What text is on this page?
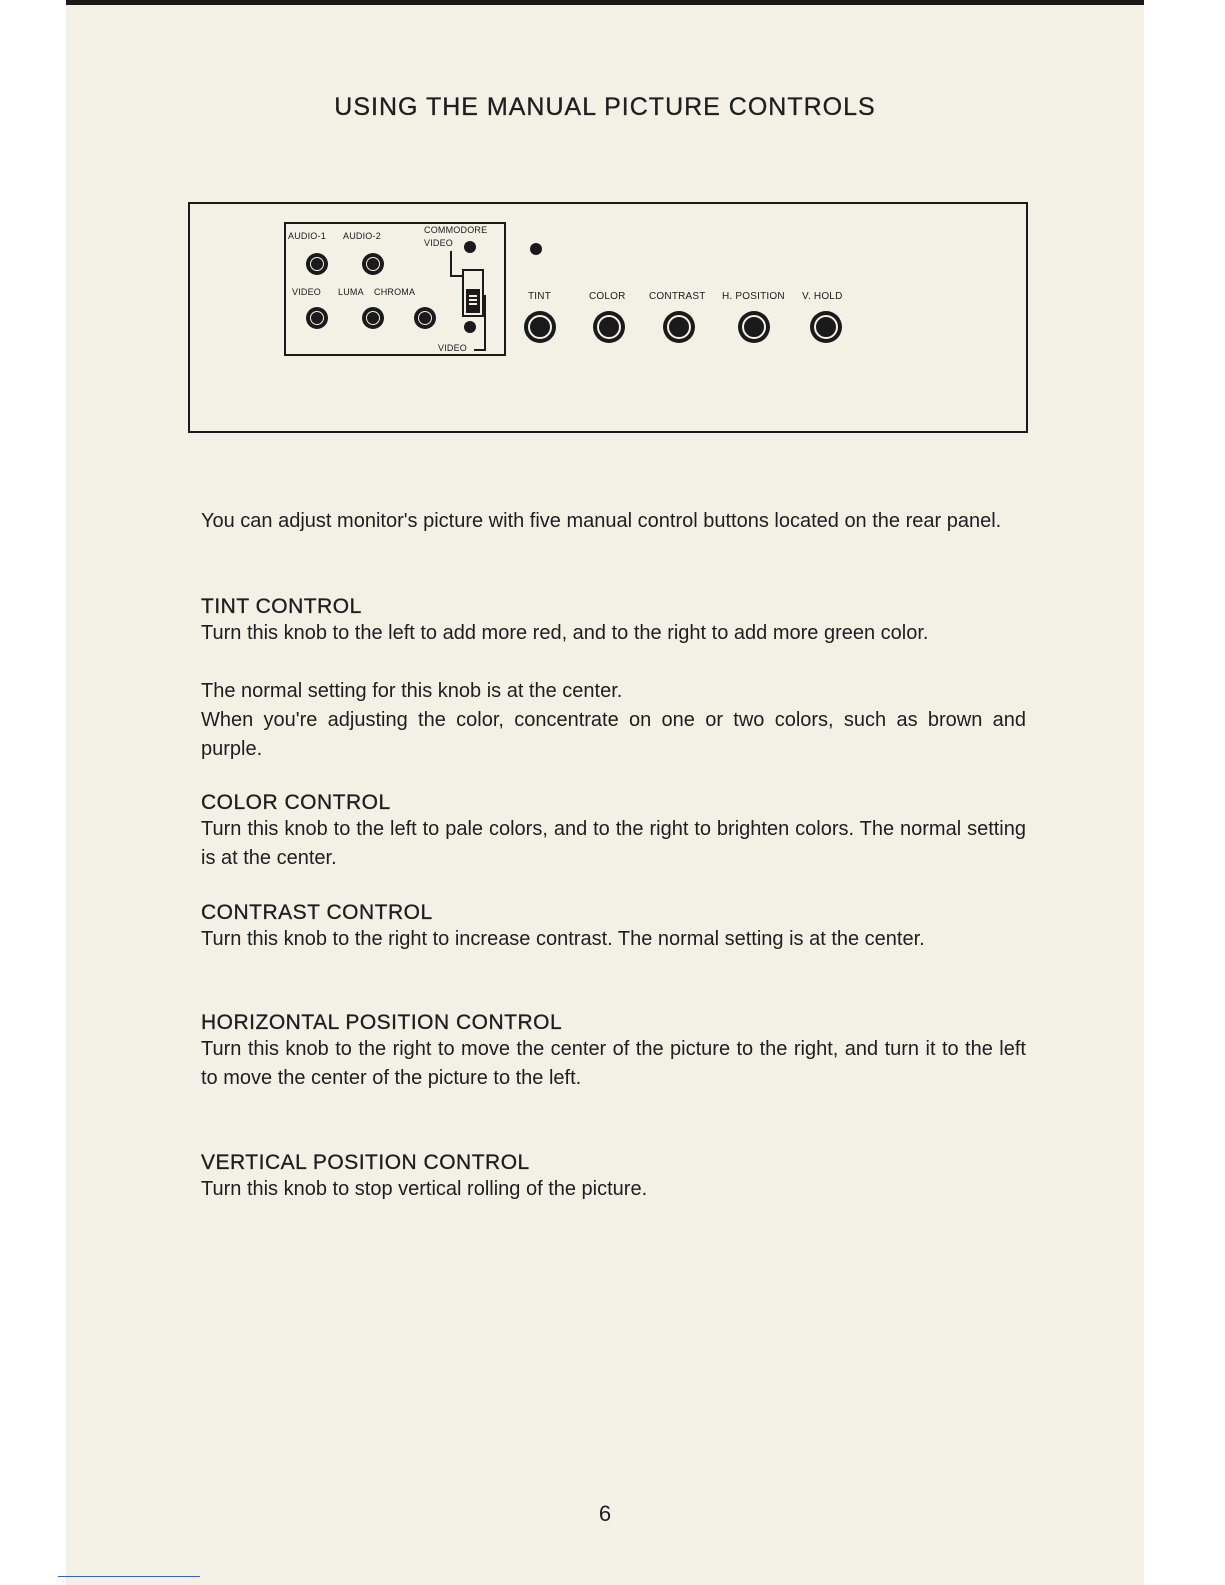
USING THE MANUAL PICTURE CONTROLS
AUDIO-1 AUDIO-2
COMMODORE
VIDEO
VIDEO LUMA CHROMA
VIDEO
TINT	COLOR CONTRAST H. POSITION V. HOLD

You can adjust monitor's picture with five manual control buttons located on the rear panel.

TINT CONTROL

Turn this knob to the left to add more red, and to the right to add more green color.

The normal setting for this knob is at the center.

When you're adjusting the color, concentrate on one or two colors, such as brown and purple.

COLOR CONTROL

Turn this knob to the left to pale colors, and to the right to brighten colors. The normal setting is at the center.

CONTRAST CONTROL

Turn this knob to the right to increase contrast. The normal setting is at the center.

HORIZONTAL POSITION CONTROL

Turn this knob to the right to move the center of the picture to the right, and turn it to the left to move the center of the picture to the left.

VERTICAL POSITION CONTROL

Turn this knob to stop vertical rolling of the picture.

6
